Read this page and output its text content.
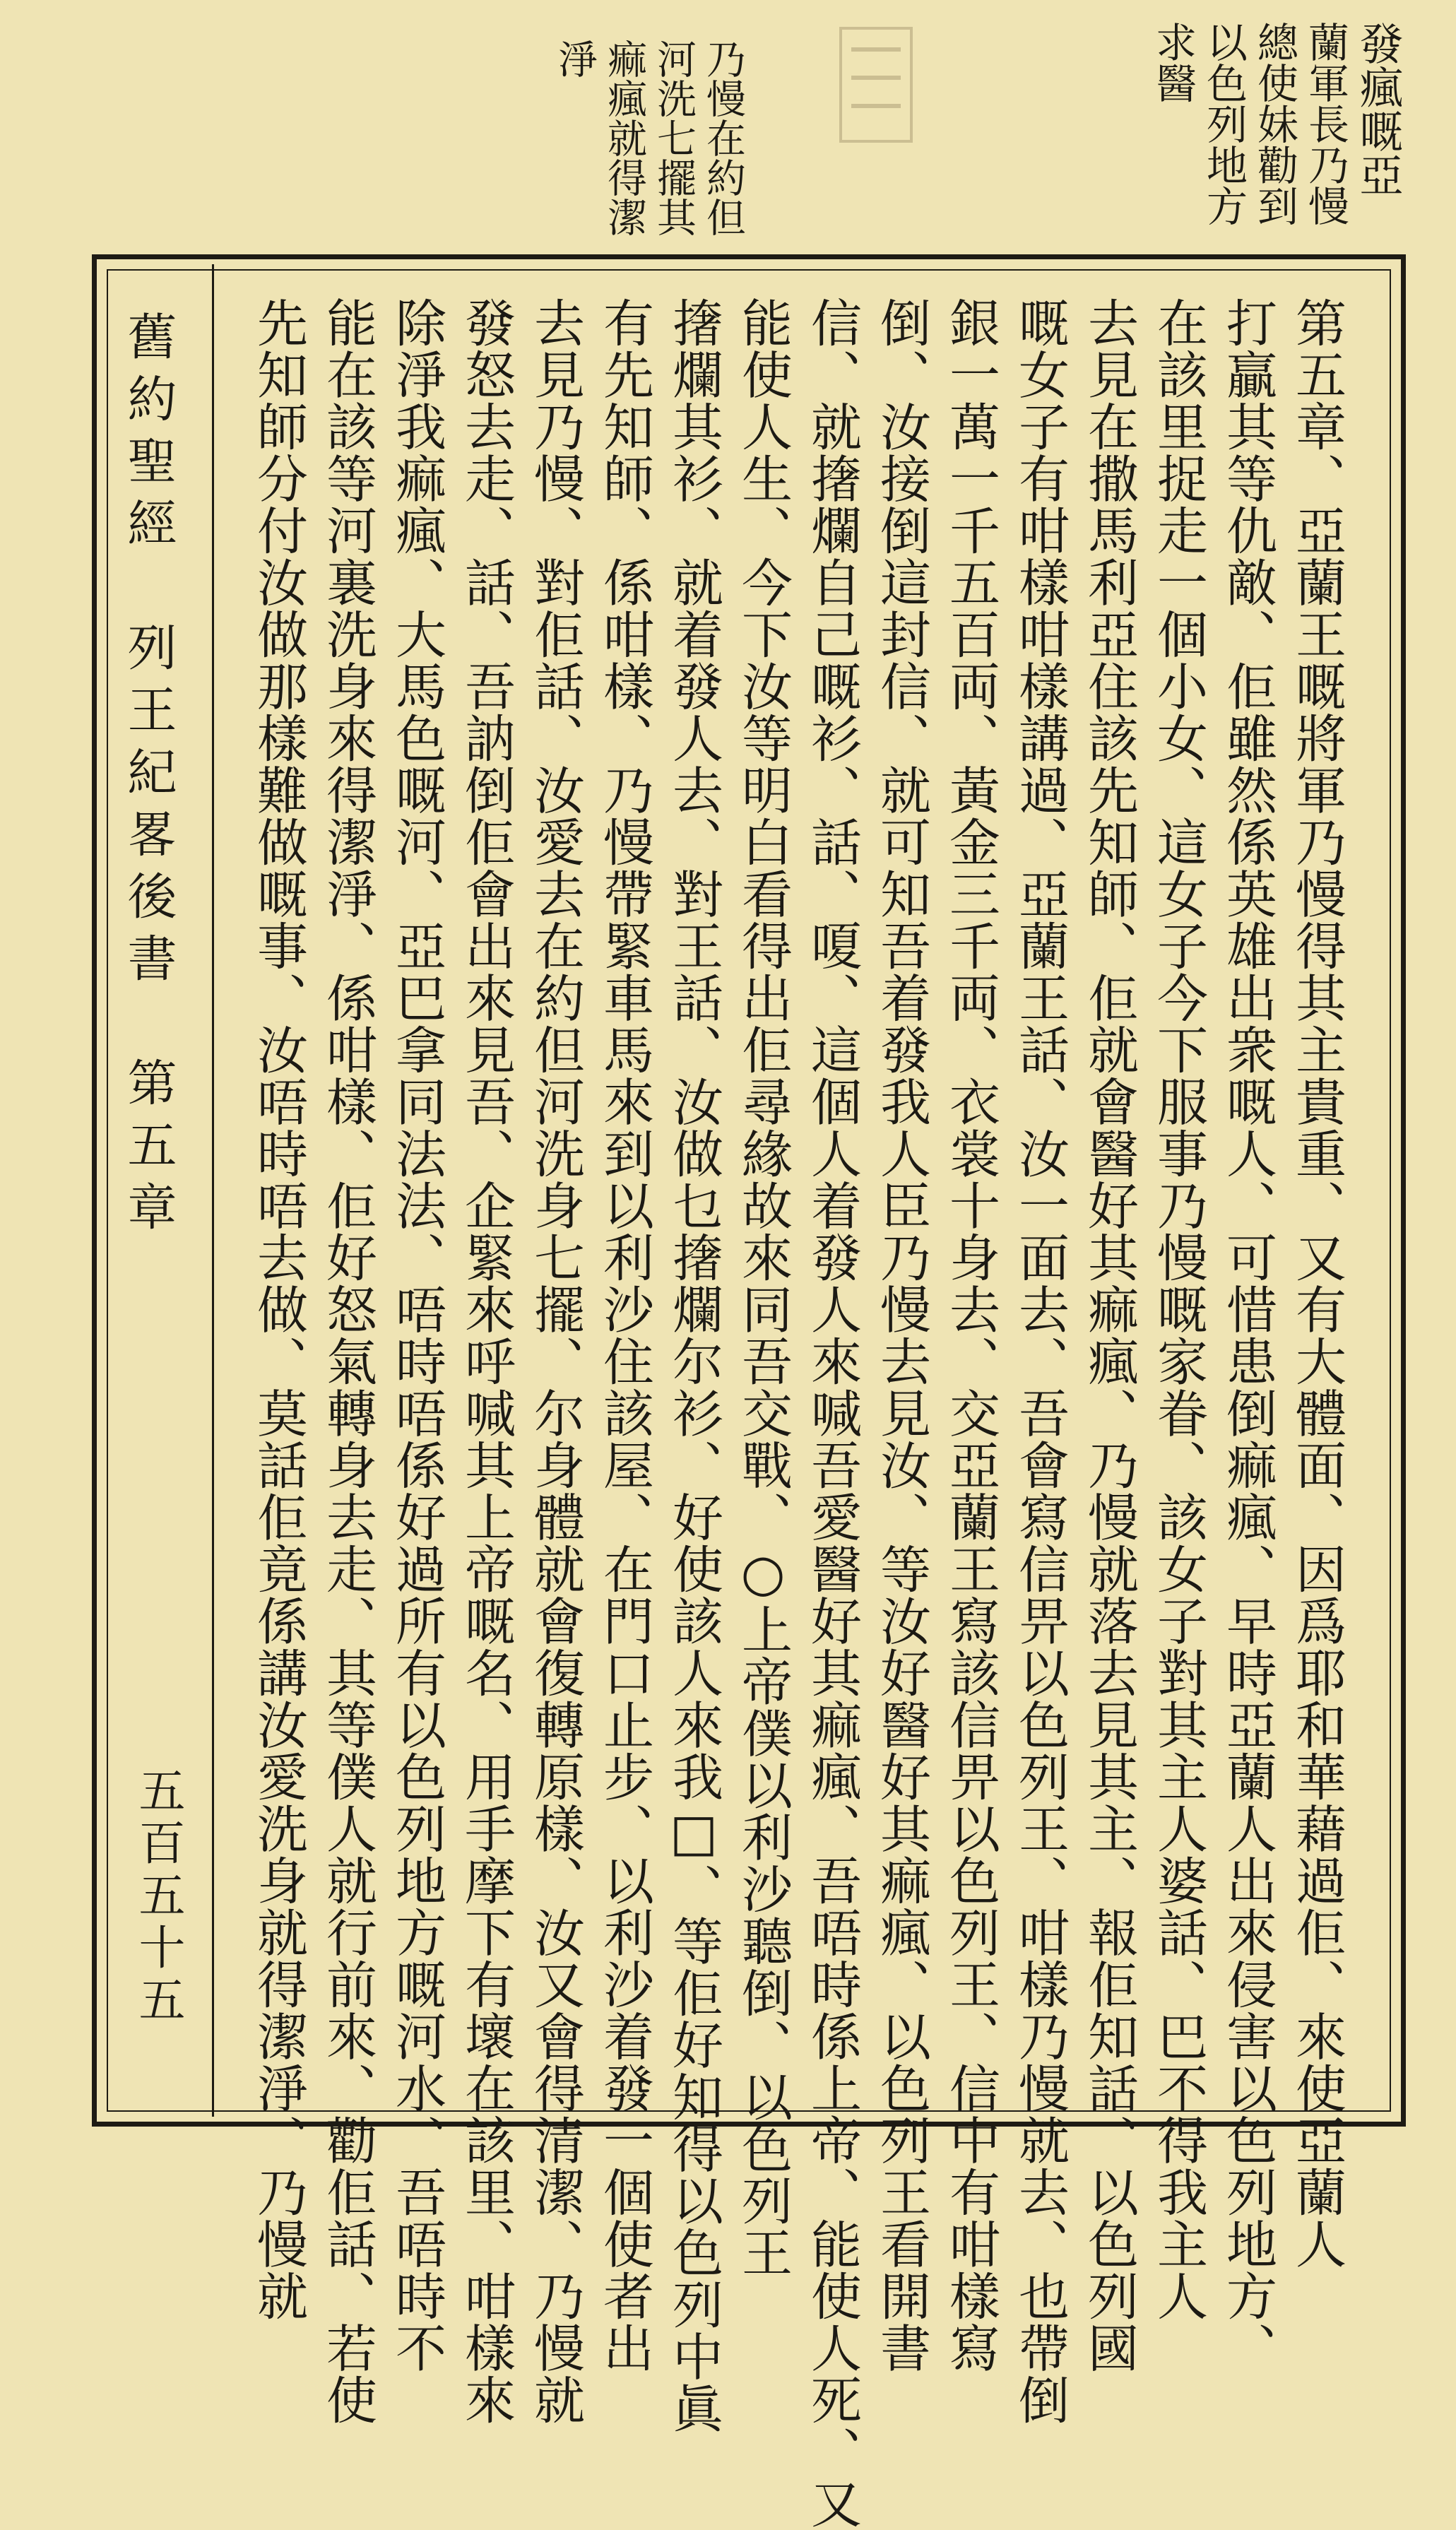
發瘋嘅亞
蘭軍長乃慢
總使妹勸到
以色列地方
求醫
乃慢在約但
河洗七擺其
痲瘋就得潔
淨
舊約聖經　列王紀畧後書　第五章
五百五十五	第五章、亞蘭王嘅將軍乃慢得其主貴重、又有大體面、因爲耶和華藉過佢、來使亞蘭人
打贏其等仇敵、佢雖然係英雄出衆嘅人、可惜患倒痲瘋、早時亞蘭人出來侵害以色列地方、
在該里捉走一個小女、這女子今下服事乃慢嘅家眷、該女子對其主人婆話、巴不得我主人
去見在撒馬利亞住該先知師、佢就會醫好其痲瘋、乃慢就落去見其主、報佢知話、以色列國
嘅女子有咁樣咁樣講過、亞蘭王話、汝一面去、吾會寫信畀以色列王、咁樣乃慢就去、也帶倒
銀一萬一千五百両、黃金三千両、衣裳十身去、交亞蘭王寫該信畀以色列王、信中有咁樣寫
倒、汝接倒這封信、就可知吾着發我人臣乃慢去見汝、等汝好醫好其痲瘋、以色列王看開書
信、就撦爛自己嘅衫、話、嗄、這個人着發人來喊吾愛醫好其痲瘋、吾唔時係上帝、能使人死、又
能使人生、今下汝等明白看得出佢尋緣故來同吾交戰、○上帝僕以利沙聽倒、以色列王
撦爛其衫、就着發人去、對王話、汝做乜撦爛尔衫、好使該人來我□、等佢好知得以色列中眞
有先知師、係咁樣、乃慢帶緊車馬來到以利沙住該屋、在門口止步、以利沙着發一個使者出
去見乃慢、對佢話、汝愛去在約但河洗身七擺、尔身體就會復轉原樣、汝又會得清潔、乃慢就
發怒去走、話、吾訥倒佢會出來見吾、企緊來呼喊其上帝嘅名、用手摩下有壞在該里、咁樣來
除淨我痲瘋、大馬色嘅河、亞巴拿同法法、唔時唔係好過所有以色列地方嘅河水、吾唔時不
能在該等河裏洗身來得潔淨、係咁樣、佢好怒氣轉身去走、其等僕人就行前來、勸佢話、若使
先知師分付汝做那樣難做嘅事、汝唔時唔去做、莫話佢竟係講汝愛洗身就得潔淨、乃慢就
